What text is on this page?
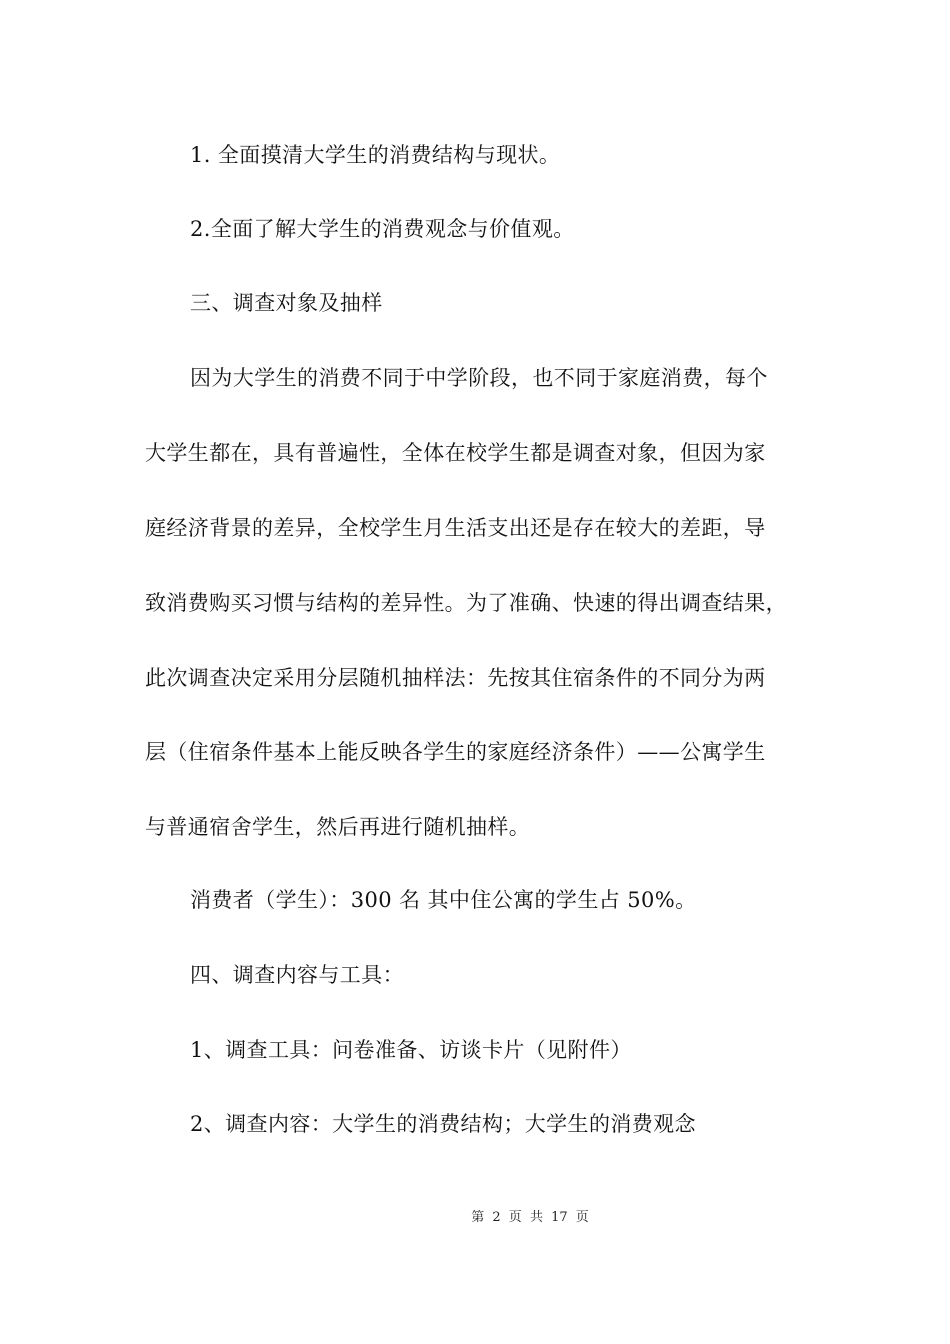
1. 全面摸清大学生的消费结构与现状。
2.全面了解大学生的消费观念与价值观。
三、调查对象及抽样
因为大学生的消费不同于中学阶段，也不同于家庭消费，每个
大学生都在，具有普遍性，全体在校学生都是调查对象，但因为家
庭经济背景的差异，全校学生月生活支出还是存在较大的差距，导
致消费购买习惯与结构的差异性。为了准确、快速的得出调查结果，
此次调查决定采用分层随机抽样法：先按其住宿条件的不同分为两
层（住宿条件基本上能反映各学生的家庭经济条件）——公寓学生
与普通宿舍学生，然后再进行随机抽样。
消费者（学生）：300 名 其中住公寓的学生占 50%。
四、调查内容与工具：
1、调查工具：问卷准备、访谈卡片（见附件）
2、调查内容：大学生的消费结构；大学生的消费观念
第 2 页 共 17 页
